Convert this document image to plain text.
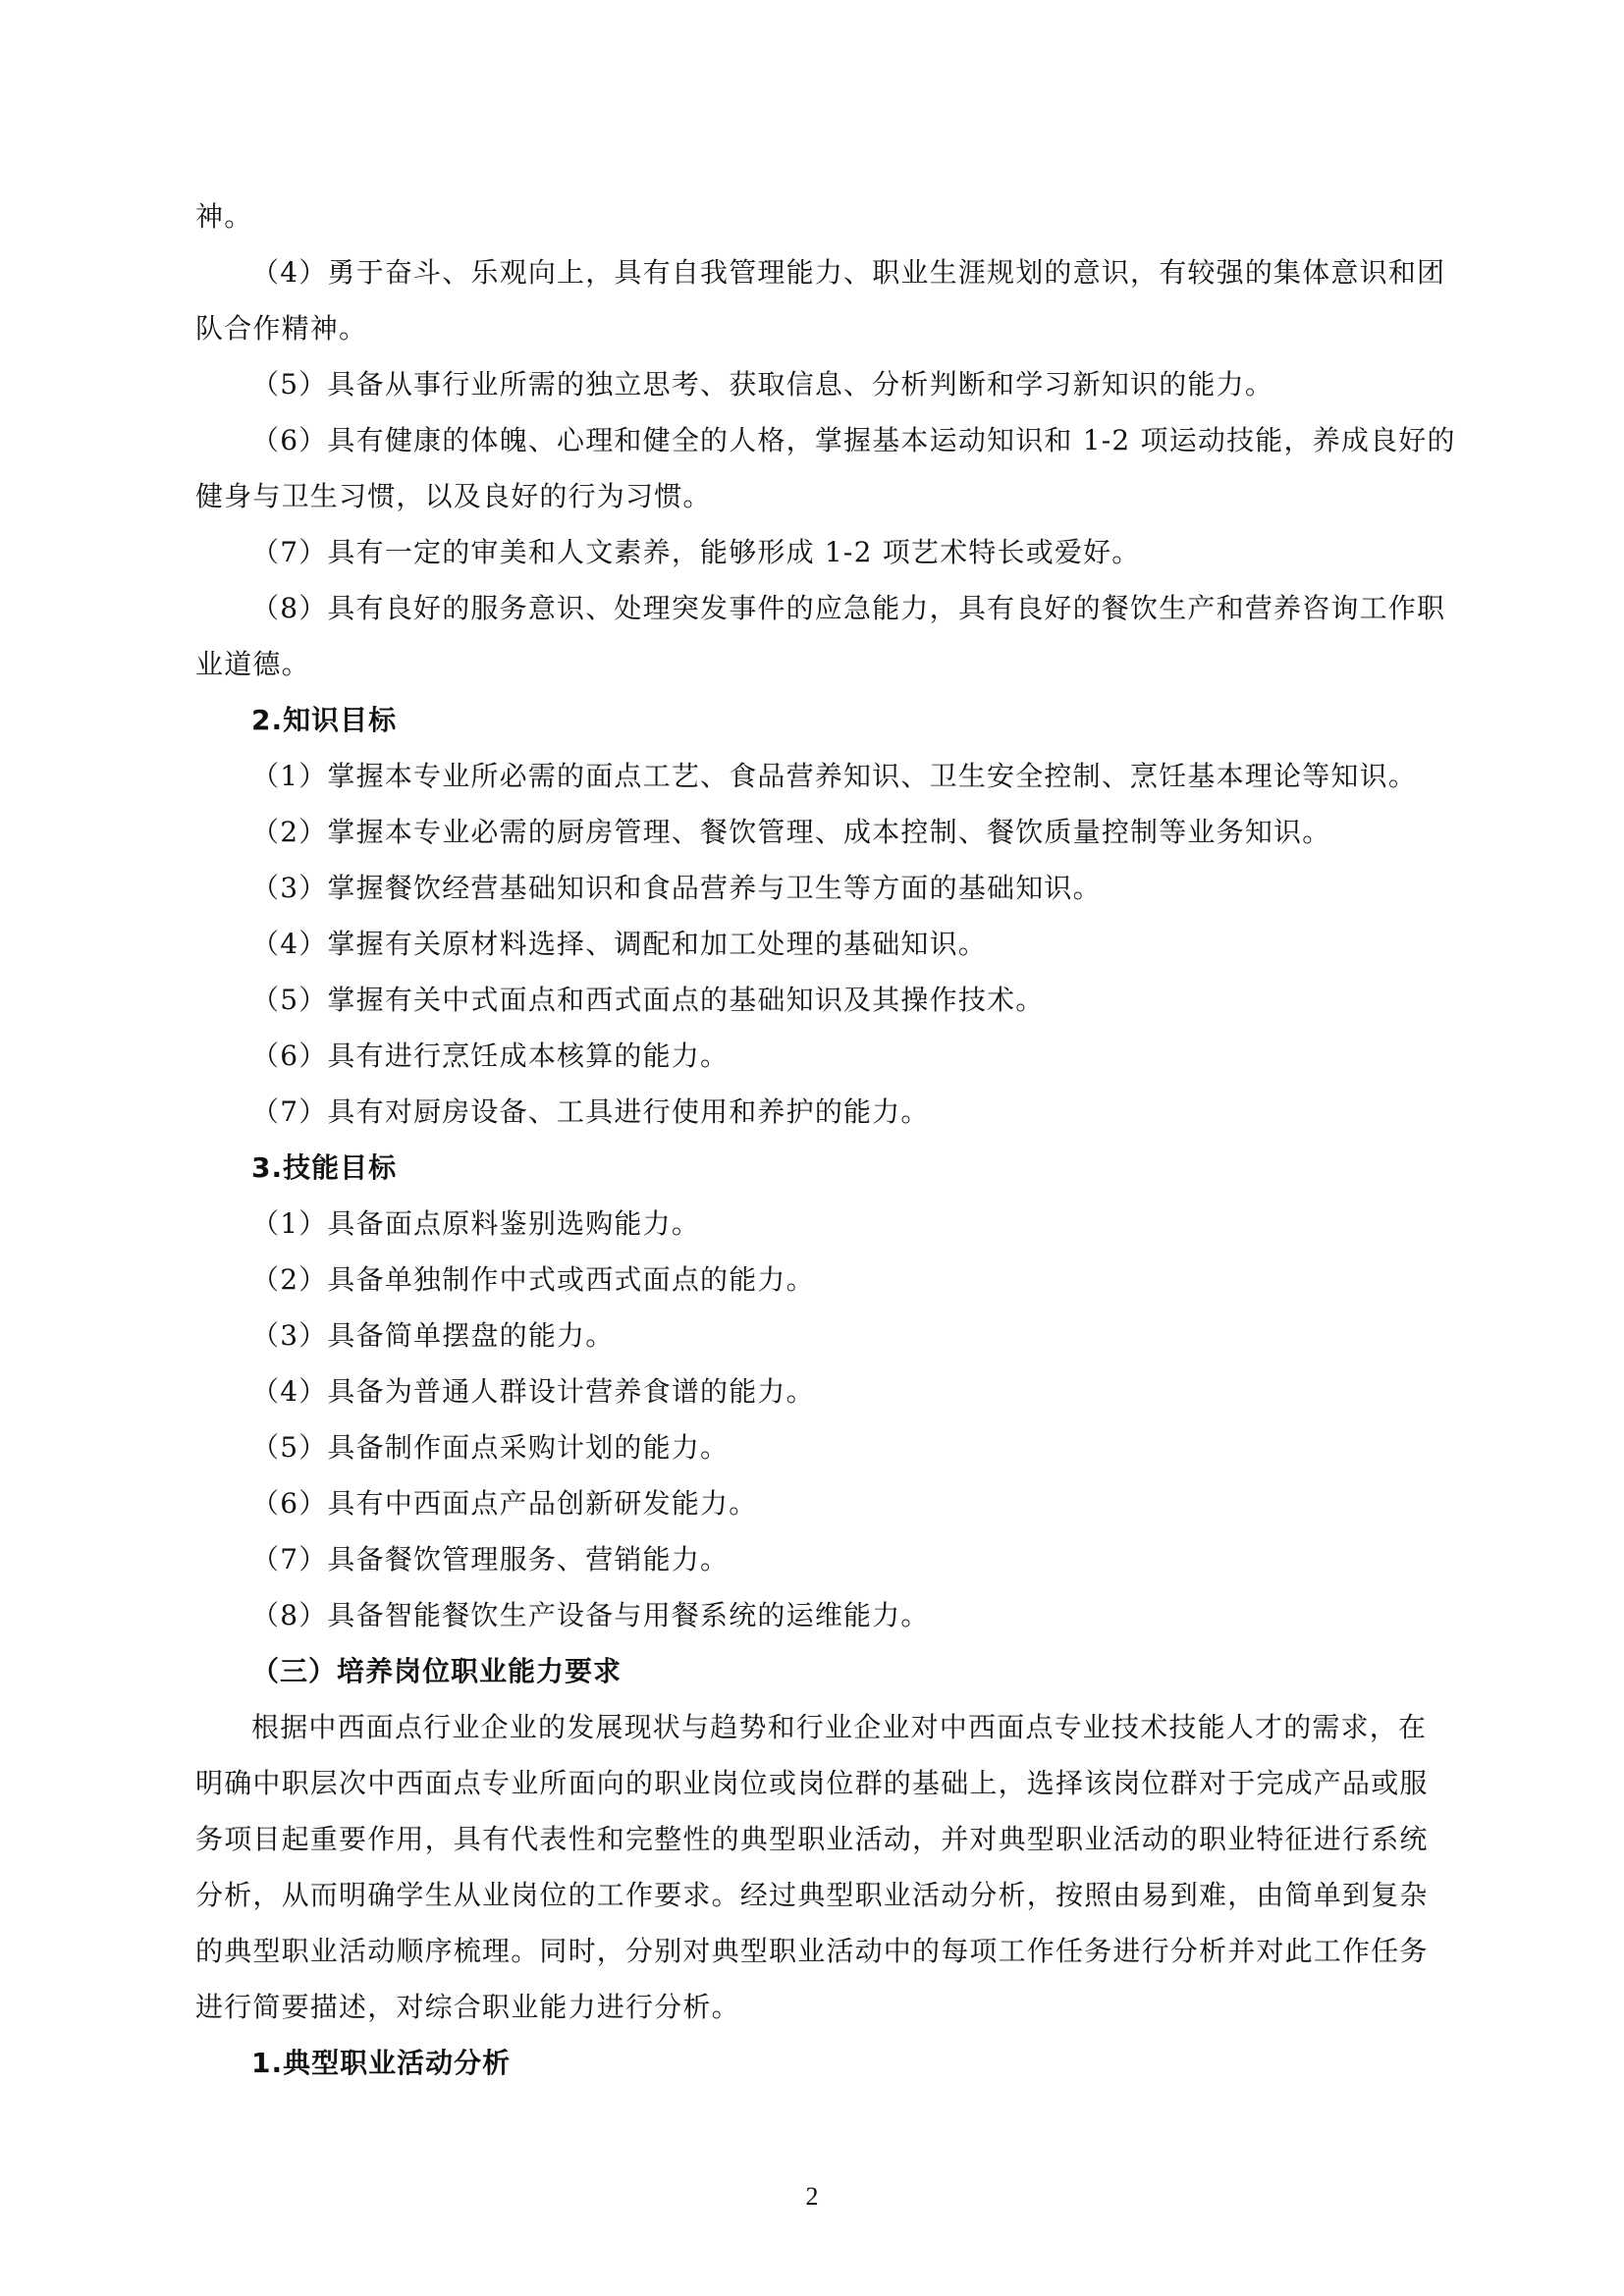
神。
（4）勇于奋斗、乐观向上，具有自我管理能力、职业生涯规划的意识，有较强的集体意识和团
队合作精神。
（5）具备从事行业所需的独立思考、获取信息、分析判断和学习新知识的能力。
（6）具有健康的体魄、心理和健全的人格，掌握基本运动知识和 1-2 项运动技能，养成良好的
健身与卫生习惯，以及良好的行为习惯。
（7）具有一定的审美和人文素养，能够形成 1-2 项艺术特长或爱好。
（8）具有良好的服务意识、处理突发事件的应急能力，具有良好的餐饮生产和营养咨询工作职
业道德。
2.知识目标
（1）掌握本专业所必需的面点工艺、食品营养知识、卫生安全控制、烹饪基本理论等知识。
（2）掌握本专业必需的厨房管理、餐饮管理、成本控制、餐饮质量控制等业务知识。
（3）掌握餐饮经营基础知识和食品营养与卫生等方面的基础知识。
（4）掌握有关原材料选择、调配和加工处理的基础知识。
（5）掌握有关中式面点和西式面点的基础知识及其操作技术。
（6）具有进行烹饪成本核算的能力。
（7）具有对厨房设备、工具进行使用和养护的能力。
3.技能目标
（1）具备面点原料鉴别选购能力。
（2）具备单独制作中式或西式面点的能力。
（3）具备简单摆盘的能力。
（4）具备为普通人群设计营养食谱的能力。
（5）具备制作面点采购计划的能力。
（6）具有中西面点产品创新研发能力。
（7）具备餐饮管理服务、营销能力。
（8）具备智能餐饮生产设备与用餐系统的运维能力。
（三）培养岗位职业能力要求
根据中西面点行业企业的发展现状与趋势和行业企业对中西面点专业技术技能人才的需求，在
明确中职层次中西面点专业所面向的职业岗位或岗位群的基础上，选择该岗位群对于完成产品或服
务项目起重要作用，具有代表性和完整性的典型职业活动，并对典型职业活动的职业特征进行系统
分析，从而明确学生从业岗位的工作要求。经过典型职业活动分析，按照由易到难，由简单到复杂
的典型职业活动顺序梳理。同时，分别对典型职业活动中的每项工作任务进行分析并对此工作任务
进行简要描述，对综合职业能力进行分析。
1.典型职业活动分析
2
